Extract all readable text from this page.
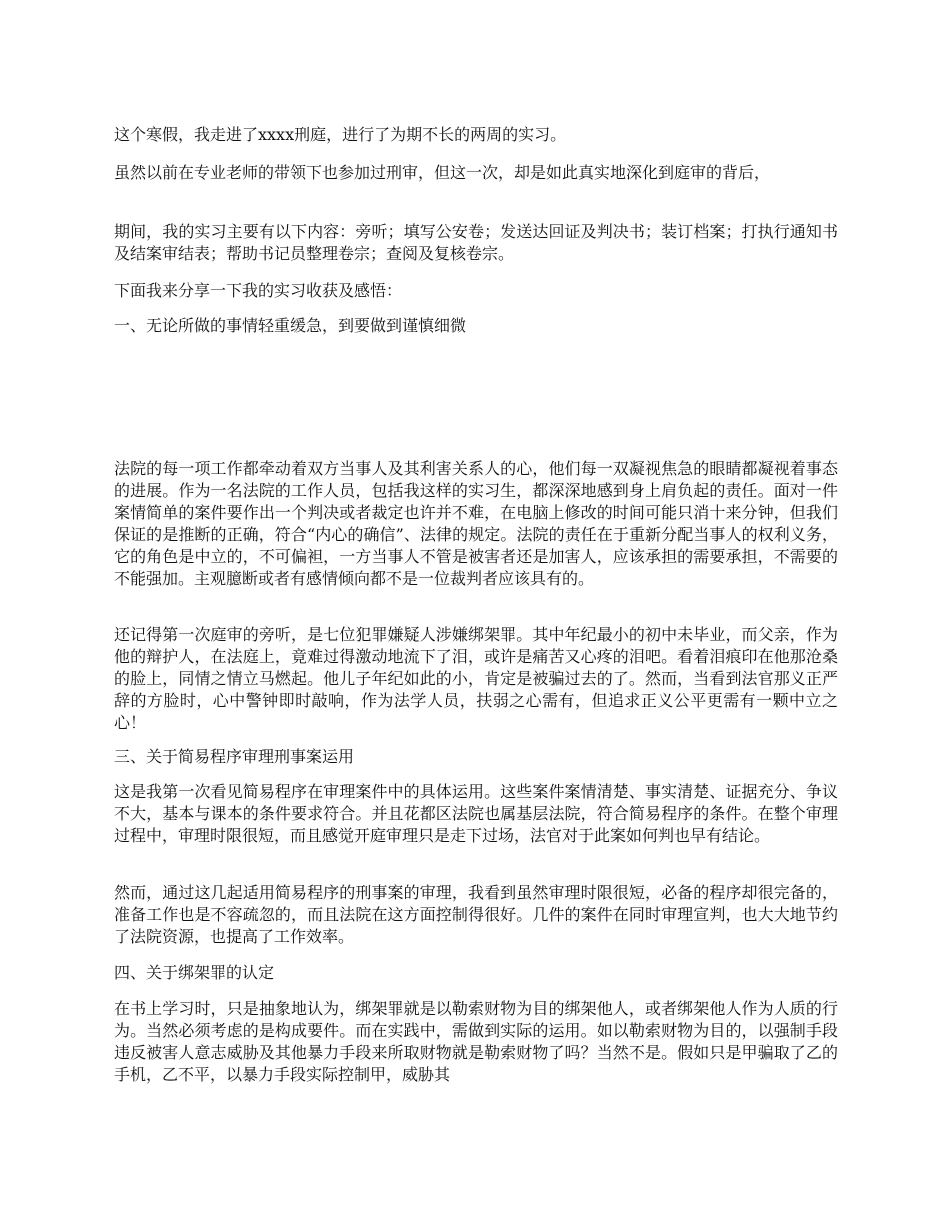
这个寒假，我走进了xxxx刑庭，进行了为期不长的两周的实习。

虽然以前在专业老师的带领下也参加过刑审，但这一次，却是如此真实地深化到庭审的背后，

期间，我的实习主要有以下内容：旁听；填写公安卷；发送达回证及判决书；装订档案；打执行通知书及结案审结表；帮助书记员整理卷宗；查阅及复核卷宗。

下面我来分享一下我的实习收获及感悟：

一、无论所做的事情轻重缓急，到要做到谨慎细微

法院的每一项工作都牵动着双方当事人及其利害关系人的心，他们每一双凝视焦急的眼睛都凝视着事态的进展。作为一名法院的工作人员，包括我这样的实习生，都深深地感到身上肩负起的责任。面对一件案情简单的案件要作出一个判决或者裁定也许并不难，在电脑上修改的时间可能只消十来分钟，但我们保证的是推断的正确，符合“内心的确信”、法律的规定。法院的责任在于重新分配当事人的权利义务，它的角色是中立的，不可偏袒，一方当事人不管是被害者还是加害人，应该承担的需要承担，不需要的不能强加。主观臆断或者有感情倾向都不是一位裁判者应该具有的。

还记得第一次庭审的旁听，是七位犯罪嫌疑人涉嫌绑架罪。其中年纪最小的初中未毕业，而父亲，作为他的辩护人，在法庭上，竟难过得激动地流下了泪，或许是痛苦又心疼的泪吧。看着泪痕印在他那沧桑的脸上，同情之情立马燃起。他儿子年纪如此的小，肯定是被骗过去的了。然而，当看到法官那义正严辞的方脸时，心中警钟即时敲响，作为法学人员，扶弱之心需有，但追求正义公平更需有一颗中立之心！

三、关于简易程序审理刑事案运用

这是我第一次看见简易程序在审理案件中的具体运用。这些案件案情清楚、事实清楚、证据充分、争议不大，基本与课本的条件要求符合。并且花都区法院也属基层法院，符合简易程序的条件。在整个审理过程中，审理时限很短，而且感觉开庭审理只是走下过场，法官对于此案如何判也早有结论。

然而，通过这几起适用简易程序的刑事案的审理，我看到虽然审理时限很短，必备的程序却很完备的，准备工作也是不容疏忽的，而且法院在这方面控制得很好。几件的案件在同时审理宣判，也大大地节约了法院资源，也提高了工作效率。

四、关于绑架罪的认定

在书上学习时，只是抽象地认为，绑架罪就是以勒索财物为目的绑架他人，或者绑架他人作为人质的行为。当然必须考虑的是构成要件。而在实践中，需做到实际的运用。如以勒索财物为目的，以强制手段违反被害人意志威胁及其他暴力手段来所取财物就是勒索财物了吗？当然不是。假如只是甲骗取了乙的手机，乙不平，以暴力手段实际控制甲，威胁其
